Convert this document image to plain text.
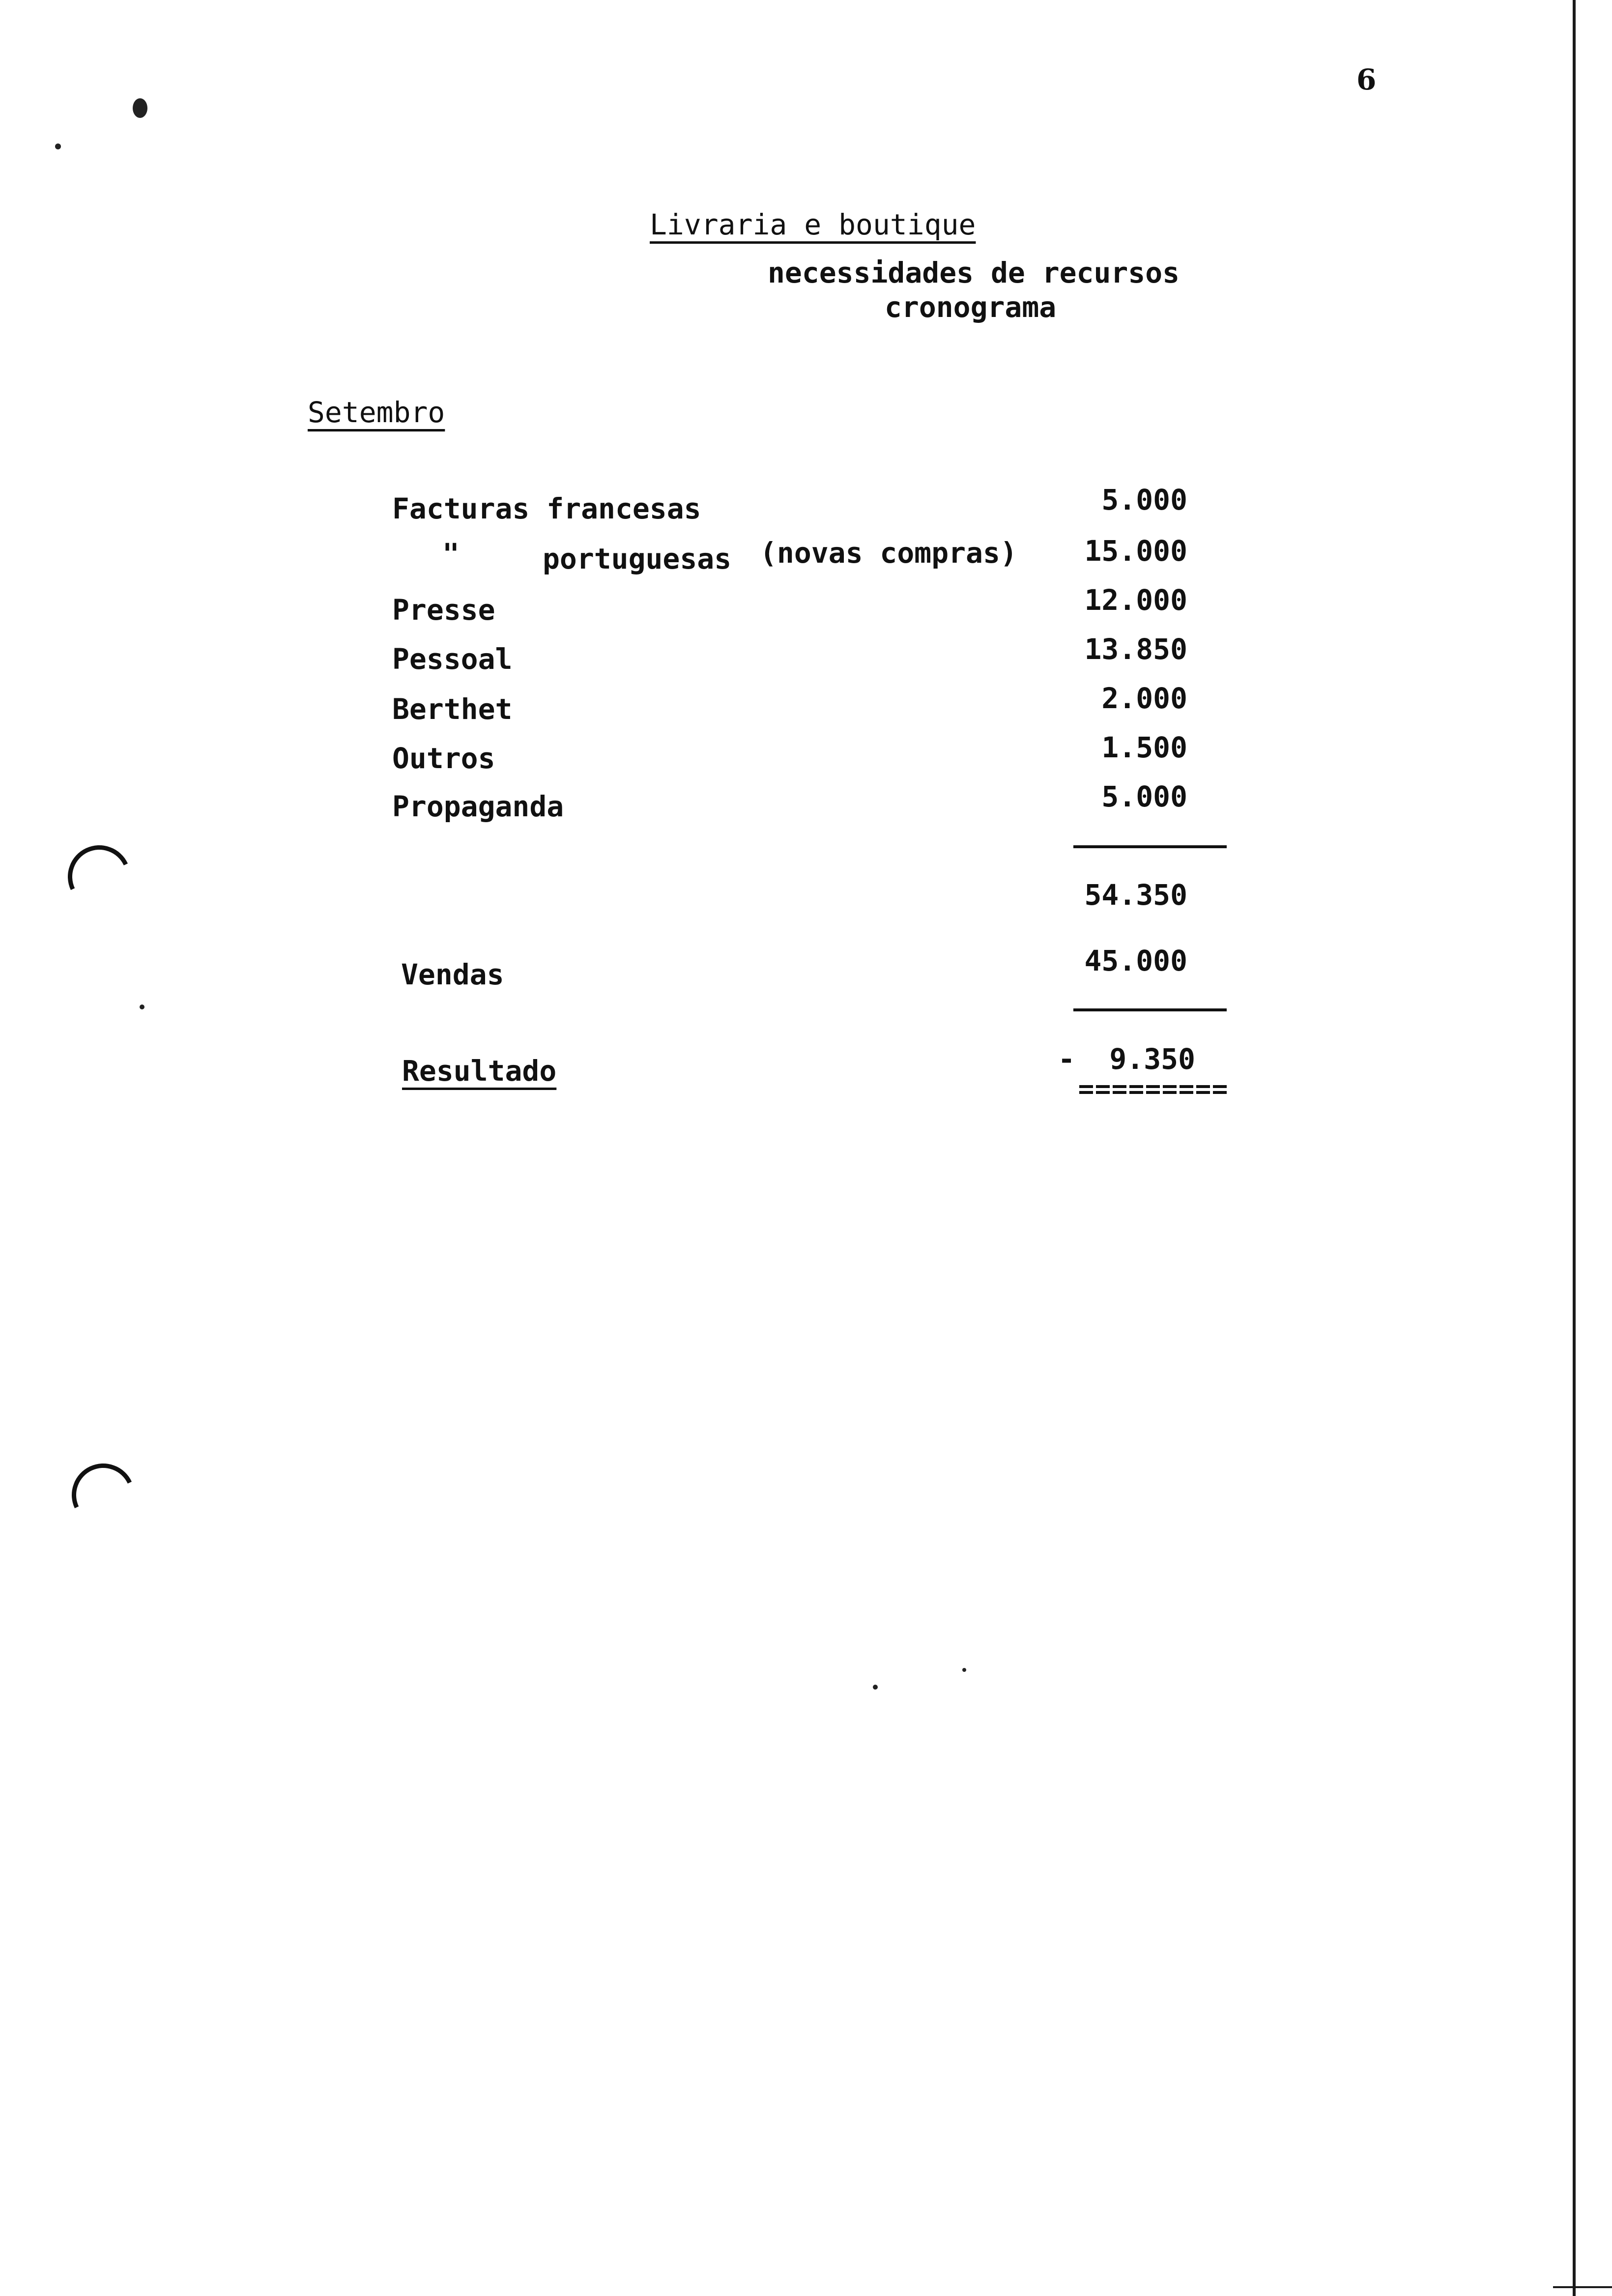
6
Livraria e boutique
necessidades de recursos
cronograma
Setembro
Facturas francesas	5.000
"	portuguesas (novas compras) 15.000
Presse	12.000
Pessoal	13.850
Berthet	2.000
Outros	1.500
Propaganda	5.000
54.350
Vendas	45.000
Resultado	-  9.350
